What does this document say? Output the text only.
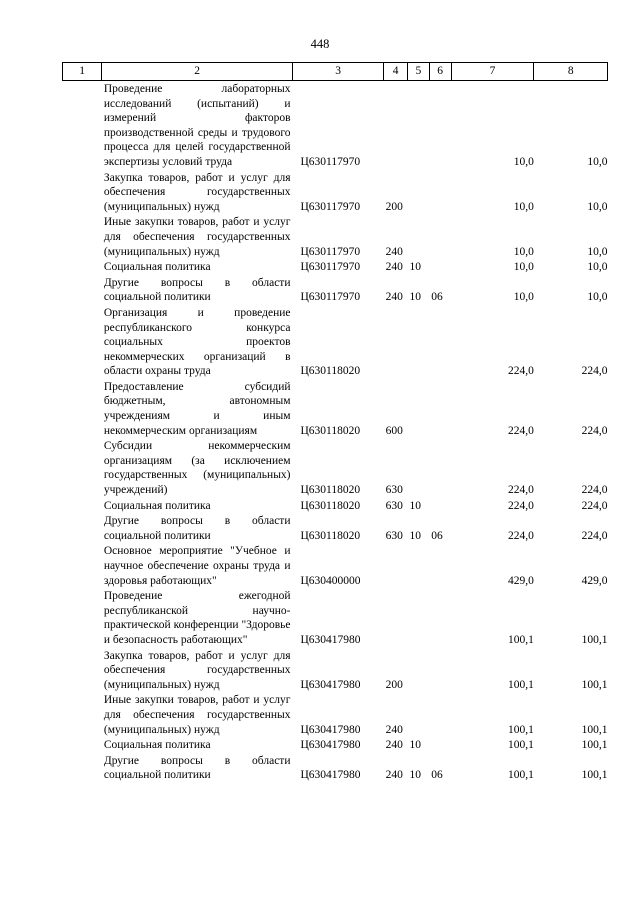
448
1	2	3	4	5	6	7	8
	Проведение лабораторных исследований (испытаний) и измерений факторов производственной среды и трудового процесса для целей государственной экспертизы условий труда	Ц630117970				10,0	10,0
	Закупка товаров, работ и услуг для обеспечения государственных (муниципальных) нужд	Ц630117970	200			10,0	10,0
	Иные закупки товаров, работ и услуг для обеспечения государственных (муниципальных) нужд	Ц630117970	240			10,0	10,0
	Социальная политика	Ц630117970	240	10		10,0	10,0
	Другие вопросы в области социальной политики	Ц630117970	240	10	06	10,0	10,0
	Организация и проведение республиканского конкурса социальных проектов некоммерческих организаций в области охраны труда	Ц630118020				224,0	224,0
	Предоставление субсидий бюджетным, автономным учреждениям и иным некоммерческим организациям	Ц630118020	600			224,0	224,0
	Субсидии некоммерческим организациям (за исключением государственных (муниципальных) учреждений)	Ц630118020	630			224,0	224,0
	Социальная политика	Ц630118020	630	10		224,0	224,0
	Другие вопросы в области социальной политики	Ц630118020	630	10	06	224,0	224,0
	Основное мероприятие "Учебное и научное обеспечение охраны труда и здоровья работающих"	Ц630400000				429,0	429,0
	Проведение ежегодной республиканской научно-практической конференции "Здоровье и безопасность работающих"	Ц630417980				100,1	100,1
	Закупка товаров, работ и услуг для обеспечения государственных (муниципальных) нужд	Ц630417980	200			100,1	100,1
	Иные закупки товаров, работ и услуг для обеспечения государственных (муниципальных) нужд	Ц630417980	240			100,1	100,1
	Социальная политика	Ц630417980	240	10		100,1	100,1
	Другие вопросы в области социальной политики	Ц630417980	240	10	06	100,1	100,1
